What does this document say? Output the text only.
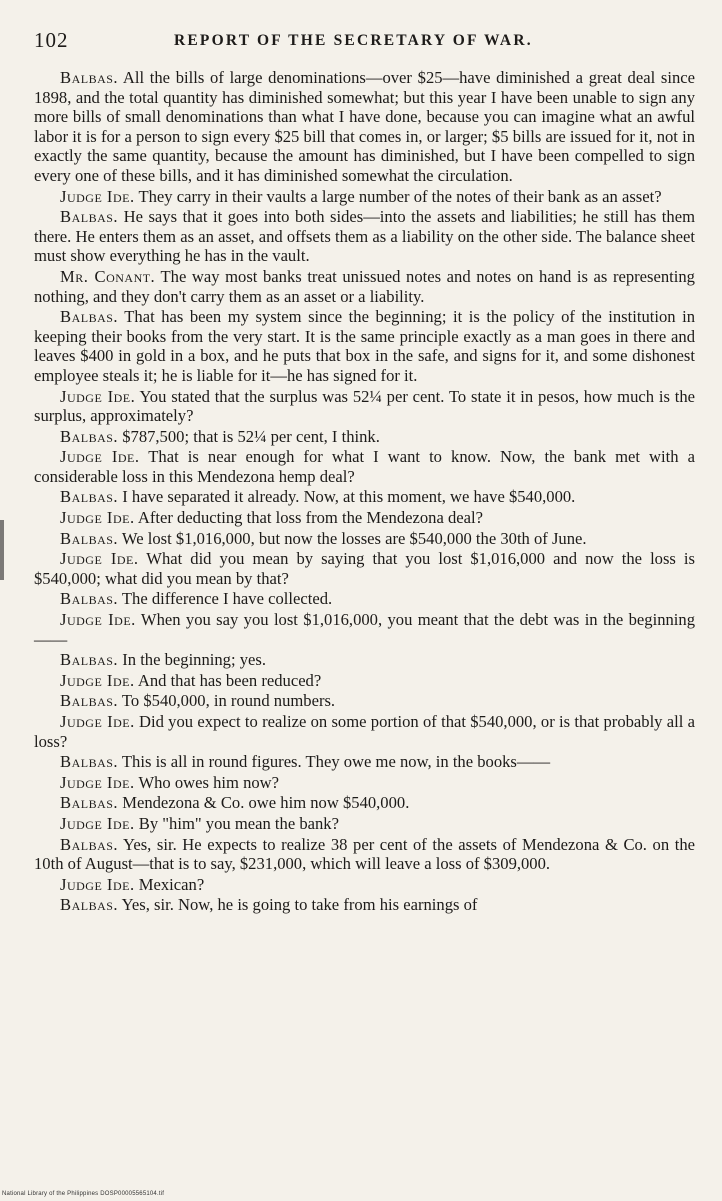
102	REPORT OF THE SECRETARY OF WAR.

Balbas. All the bills of large denominations—over $25—have diminished a great deal since 1898, and the total quantity has diminished somewhat; but this year I have been unable to sign any more bills of small denominations than what I have done, because you can imagine what an awful labor it is for a person to sign every $25 bill that comes in, or larger; $5 bills are issued for it, not in exactly the same quantity, because the amount has diminished, but I have been compelled to sign every one of these bills, and it has diminished somewhat the circulation.

Judge Ide. They carry in their vaults a large number of the notes of their bank as an asset?

Balbas. He says that it goes into both sides—into the assets and liabilities; he still has them there. He enters them as an asset, and offsets them as a liability on the other side. The balance sheet must show everything he has in the vault.

Mr. Conant. The way most banks treat unissued notes and notes on hand is as representing nothing, and they don't carry them as an asset or a liability.

Balbas. That has been my system since the beginning; it is the policy of the institution in keeping their books from the very start. It is the same principle exactly as a man goes in there and leaves $400 in gold in a box, and he puts that box in the safe, and signs for it, and some dishonest employee steals it; he is liable for it—he has signed for it.

Judge Ide. You stated that the surplus was 52¼ per cent. To state it in pesos, how much is the surplus, approximately?

Balbas. $787,500; that is 52¼ per cent, I think.

Judge Ide. That is near enough for what I want to know. Now, the bank met with a considerable loss in this Mendezona hemp deal?

Balbas. I have separated it already. Now, at this moment, we have $540,000.

Judge Ide. After deducting that loss from the Mendezona deal?

Balbas. We lost $1,016,000, but now the losses are $540,000 the 30th of June.

Judge Ide. What did you mean by saying that you lost $1,016,000 and now the loss is $540,000; what did you mean by that?

Balbas. The difference I have collected.

Judge Ide. When you say you lost $1,016,000, you meant that the debt was in the beginning——

Balbas. In the beginning; yes.

Judge Ide. And that has been reduced?

Balbas. To $540,000, in round numbers.

Judge Ide. Did you expect to realize on some portion of that $540,000, or is that probably all a loss?

Balbas. This is all in round figures. They owe me now, in the books——

Judge Ide. Who owes him now?

Balbas. Mendezona & Co. owe him now $540,000.

Judge Ide. By "him" you mean the bank?

Balbas. Yes, sir. He expects to realize 38 per cent of the assets of Mendezona & Co. on the 10th of August—that is to say, $231,000, which will leave a loss of $309,000.

Judge Ide. Mexican?

Balbas. Yes, sir. Now, he is going to take from his earnings of

National Library of the Philippines DOSP00005565104.tif
